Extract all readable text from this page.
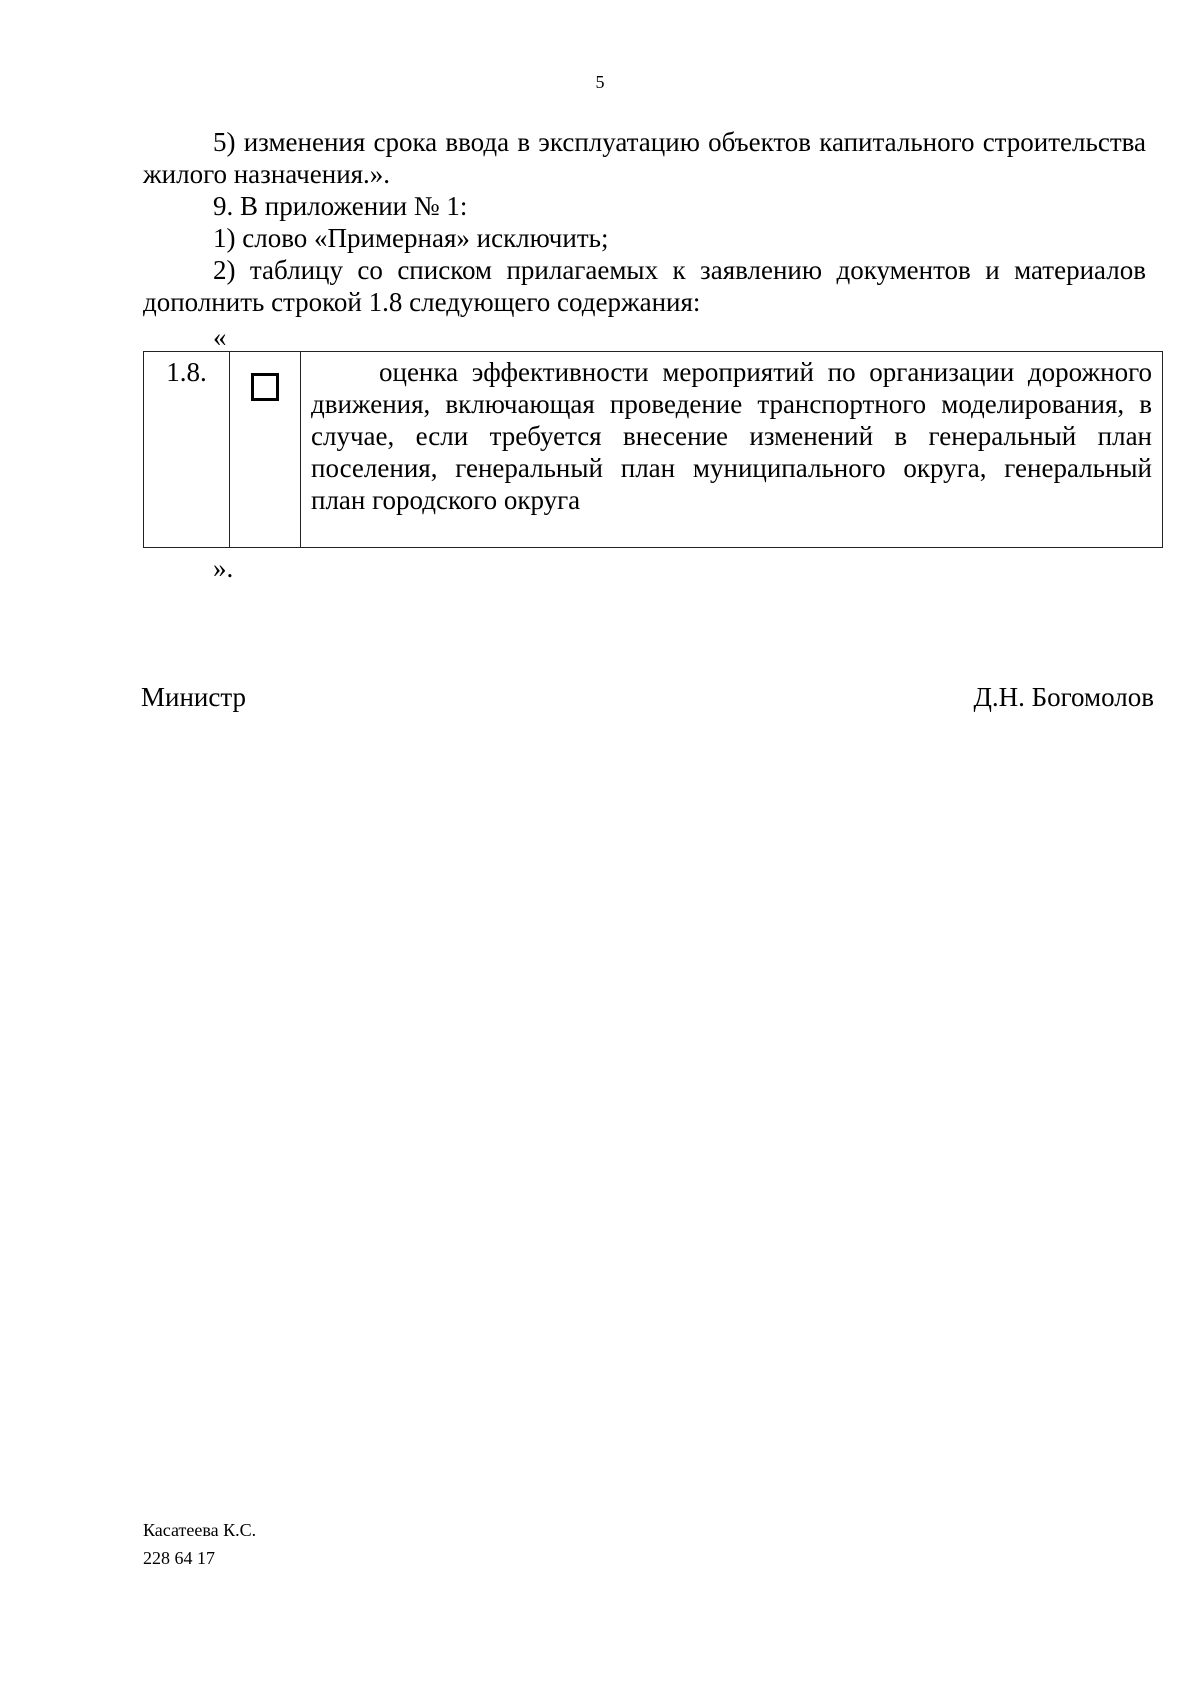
5
5) изменения срока ввода в эксплуатацию объектов капитального строительства жилого назначения.».
9. В приложении № 1:
1) слово «Примерная» исключить;
2) таблицу со списком прилагаемых к заявлению документов и материалов дополнить строкой 1.8 следующего содержания:
«
1.8.		оценка эффективности мероприятий по организации дорожного движения, включающая проведение транспортного моделирования, в случае, если требуется внесение изменений в генеральный план поселения, генеральный план муниципального округа, генеральный план городского округа

».
Министр	Д.Н. Богомолов
Касатеева К.С.
228 64 17
